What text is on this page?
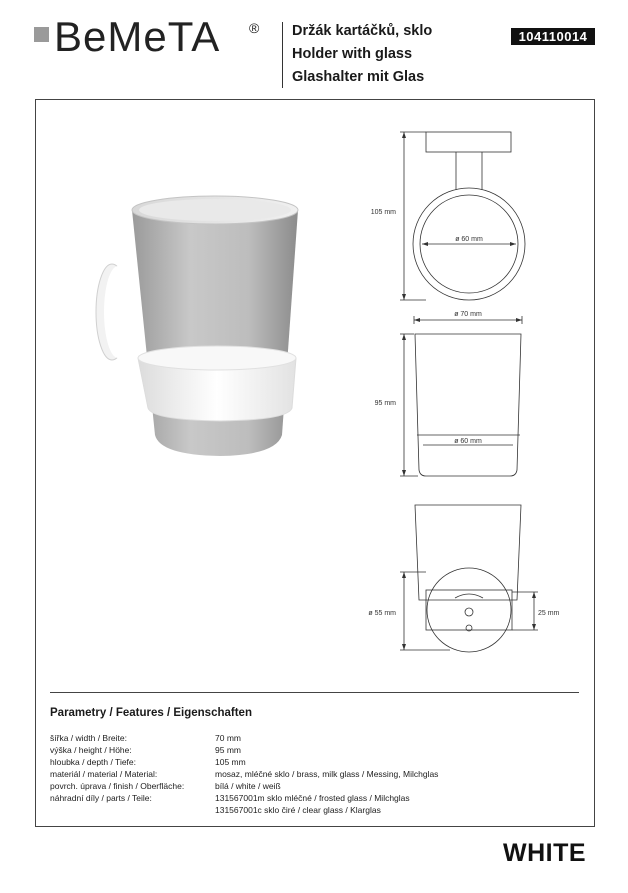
BeMeTA ® Držák kartáčků, sklo
Holder with glass
Glashalter mit Glas
104110014
105 mm
ø 60 mm
ø 70 mm
95 mm
ø 60 mm
ø 55 mm	25 mm
Parametry / Features / Eigenschaften
šířka / width / Breite:	70 mm
výška / height / Höhe:	95 mm
hloubka / depth / Tiefe:	105 mm
materiál / material / Material:	mosaz, mléčné sklo / brass, milk glass / Messing, Milchglas
povrch. úprava / finish / Oberfläche:	bílá / white / weiß
náhradní díly / parts / Teile:	131567001m sklo mléčné / frosted glass / Milchglas
131567001c sklo čiré / clear glass / Klarglas
WHITE
